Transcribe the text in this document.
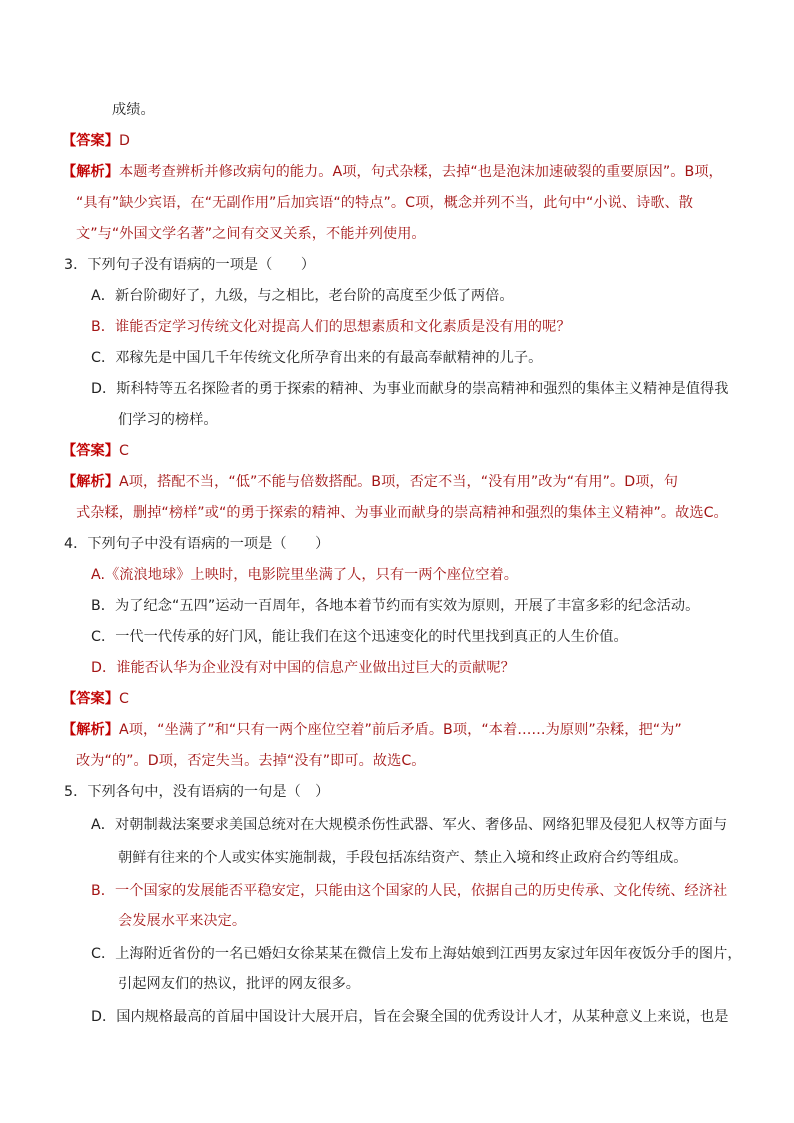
成绩。
【答案】D
【解析】本题考查辨析并修改病句的能力。A项，句式杂糅，去掉“也是泡沫加速破裂的重要原因”。B项，
“具有”缺少宾语，在“无副作用”后加宾语“的特点”。C项，概念并列不当，此句中“小说、诗歌、散
文”与“外国文学名著”之间有交叉关系，不能并列使用。
3．下列句子没有语病的一项是（　　）
A．新台阶砌好了，九级，与之相比，老台阶的高度至少低了两倍。
B．谁能否定学习传统文化对提高人们的思想素质和文化素质是没有用的呢？
C．邓稼先是中国几千年传统文化所孕育出来的有最高奉献精神的儿子。
D．斯科特等五名探险者的勇于探索的精神、为事业而献身的崇高精神和强烈的集体主义精神是值得我
们学习的榜样。
【答案】C
【解析】A项，搭配不当，“低”不能与倍数搭配。B项，否定不当，“没有用”改为“有用”。D项，句
式杂糅，删掉“榜样”或“的勇于探索的精神、为事业而献身的崇高精神和强烈的集体主义精神”。故选C。
4．下列句子中没有语病的一项是（　　）
A.《流浪地球》上映时，电影院里坐满了人，只有一两个座位空着。
B．为了纪念“五四”运动一百周年，各地本着节约而有实效为原则，开展了丰富多彩的纪念活动。
C．一代一代传承的好门风，能让我们在这个迅速变化的时代里找到真正的人生价值。
D．谁能否认华为企业没有对中国的信息产业做出过巨大的贡献呢？
【答案】C
【解析】A项，“坐满了”和“只有一两个座位空着”前后矛盾。B项，“本着……为原则”杂糅，把“为”
改为“的”。D项，否定失当。去掉“没有”即可。故选C。
5．下列各句中，没有语病的一句是（　）
A．对朝制裁法案要求美国总统对在大规模杀伤性武器、军火、奢侈品、网络犯罪及侵犯人权等方面与
朝鲜有往来的个人或实体实施制裁，手段包括冻结资产、禁止入境和终止政府合约等组成。
B．一个国家的发展能否平稳安定，只能由这个国家的人民，依据自己的历史传承、文化传统、经济社
会发展水平来决定。
C．上海附近省份的一名已婚妇女徐某某在微信上发布上海姑娘到江西男友家过年因年夜饭分手的图片，
引起网友们的热议，批评的网友很多。
D．国内规格最高的首届中国设计大展开启，旨在会聚全国的优秀设计人才，从某种意义上来说，也是
